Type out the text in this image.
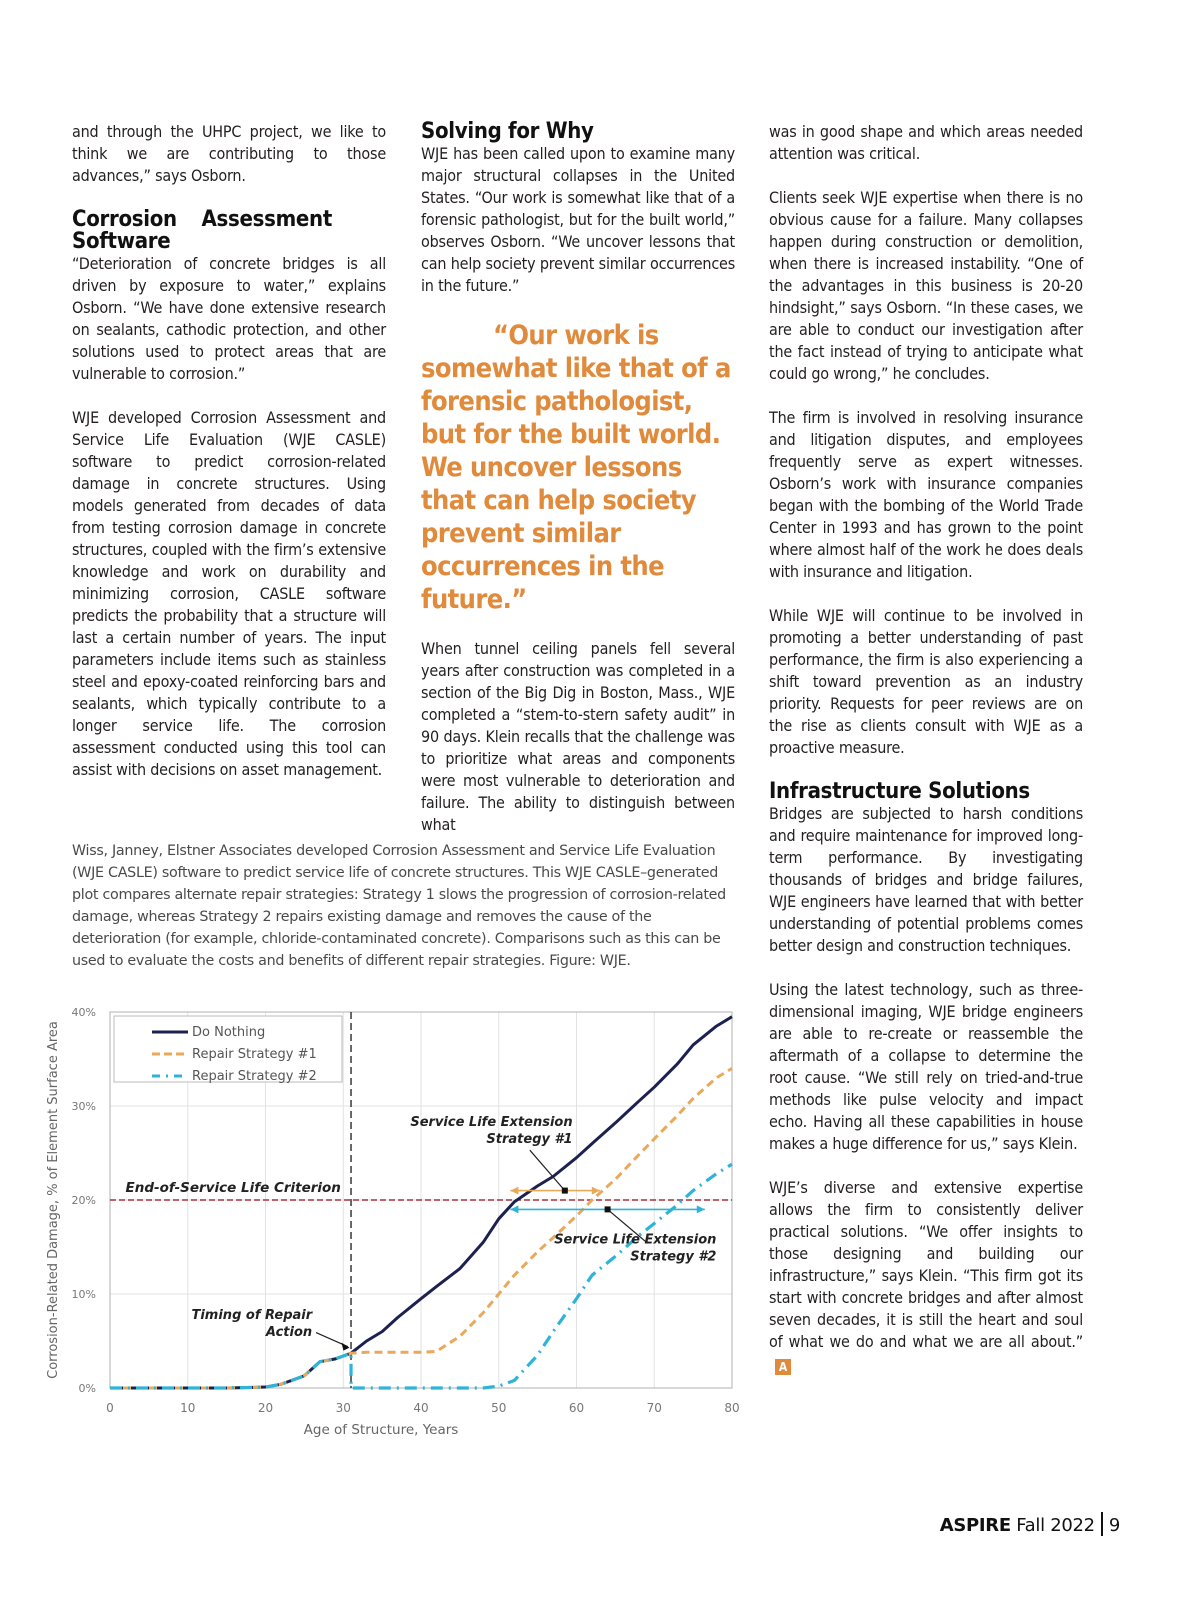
and through the UHPC project, we like to think we are contributing to those advances,” says Osborn.

Corrosion Assessment Software

“Deterioration of concrete bridges is all driven by exposure to water,” explains Osborn. “We have done extensive research on sealants, cathodic protection, and other solutions used to protect areas that are vulnerable to corrosion.”

WJE developed Corrosion Assessment and Service Life Evaluation (WJE CASLE) software to predict corrosion-related damage in concrete structures. Using models generated from decades of data from testing corrosion damage in concrete structures, coupled with the firm’s extensive knowledge and work on durability and minimizing corrosion, CASLE software predicts the probability that a structure will last a certain number of years. The input parameters include items such as stainless steel and epoxy-coated reinforcing bars and sealants, which typically contribute to a longer service life. The corrosion assessment conducted using this tool can assist with decisions on asset management.

Solving for Why

WJE has been called upon to examine many major structural collapses in the United States. “Our work is somewhat like that of a forensic pathologist, but for the built world,” observes Osborn. “We uncover lessons that can help society prevent similar occurrences in the future.”

“Our work is
somewhat like that of a forensic pathologist, but for the built world. We uncover lessons that can help society prevent similar occurrences in the future.”

When tunnel ceiling panels fell several years after construction was completed in a section of the Big Dig in Boston, Mass., WJE completed a “stem-to-stern safety audit” in 90 days. Klein recalls that the challenge was to prioritize what areas and components were most vulnerable to deterioration and failure. The ability to distinguish between what

was in good shape and which areas needed attention was critical.

Clients seek WJE expertise when there is no obvious cause for a failure. Many collapses happen during construction or demolition, when there is increased instability. “One of the advantages in this business is 20-20 hindsight,” says Osborn. “In these cases, we are able to conduct our investigation after the fact instead of trying to anticipate what could go wrong,” he concludes.

The firm is involved in resolving insurance and litigation disputes, and employees frequently serve as expert witnesses. Osborn’s work with insurance companies began with the bombing of the World Trade Center in 1993 and has grown to the point where almost half of the work he does deals with insurance and litigation.

While WJE will continue to be involved in promoting a better understanding of past performance, the firm is also experiencing a shift toward prevention as an industry priority. Requests for peer reviews are on the rise as clients consult with WJE as a proactive measure.

Infrastructure Solutions

Bridges are subjected to harsh conditions and require maintenance for improved long-term performance. By investigating thousands of bridges and bridge failures, WJE engineers have learned that with better understanding of potential problems comes better design and construction techniques.

Using the latest technology, such as three-dimensional imaging, WJE bridge engineers are able to re-create or reassemble the aftermath of a collapse to determine the root cause. “We still rely on tried-and-true methods like pulse velocity and impact echo. Having all these capabilities in house makes a huge difference for us,” says Klein.

WJE’s diverse and extensive expertise allows the firm to consistently deliver practical solutions. “We offer insights to those designing and building our infrastructure,” says Klein. “This firm got its start with concrete bridges and after almost seven decades, it is still the heart and soul of what we do and what we are all about.”A

Wiss, Janney, Elstner Associates developed Corrosion Assessment and Service Life Evaluation (WJE CASLE) software to predict service life of concrete structures. This WJE CASLE–generated plot compares alternate repair strategies: Strategy 1 slows the progression of corrosion-related damage, whereas Strategy 2 repairs existing damage and removes the cause of the deterioration (for example, chloride-contaminated concrete). Comparisons such as this can be used to evaluate the costs and benefits of different repair strategies. Figure: WJE.
0	10	20	30	40	50	60	70	80
0%
10%
20%
30%
40%
Age of Structure, Years
Corrosion-Related Damage, % of Element Surface Area	End-of-Service Life Criterion
Service Life Extension
Strategy #1
Service Life Extension
Strategy #2
Timing of Repair
Action
Do Nothing
Repair Strategy #1
Repair Strategy #2
ASPIRE Fall 2022 9
